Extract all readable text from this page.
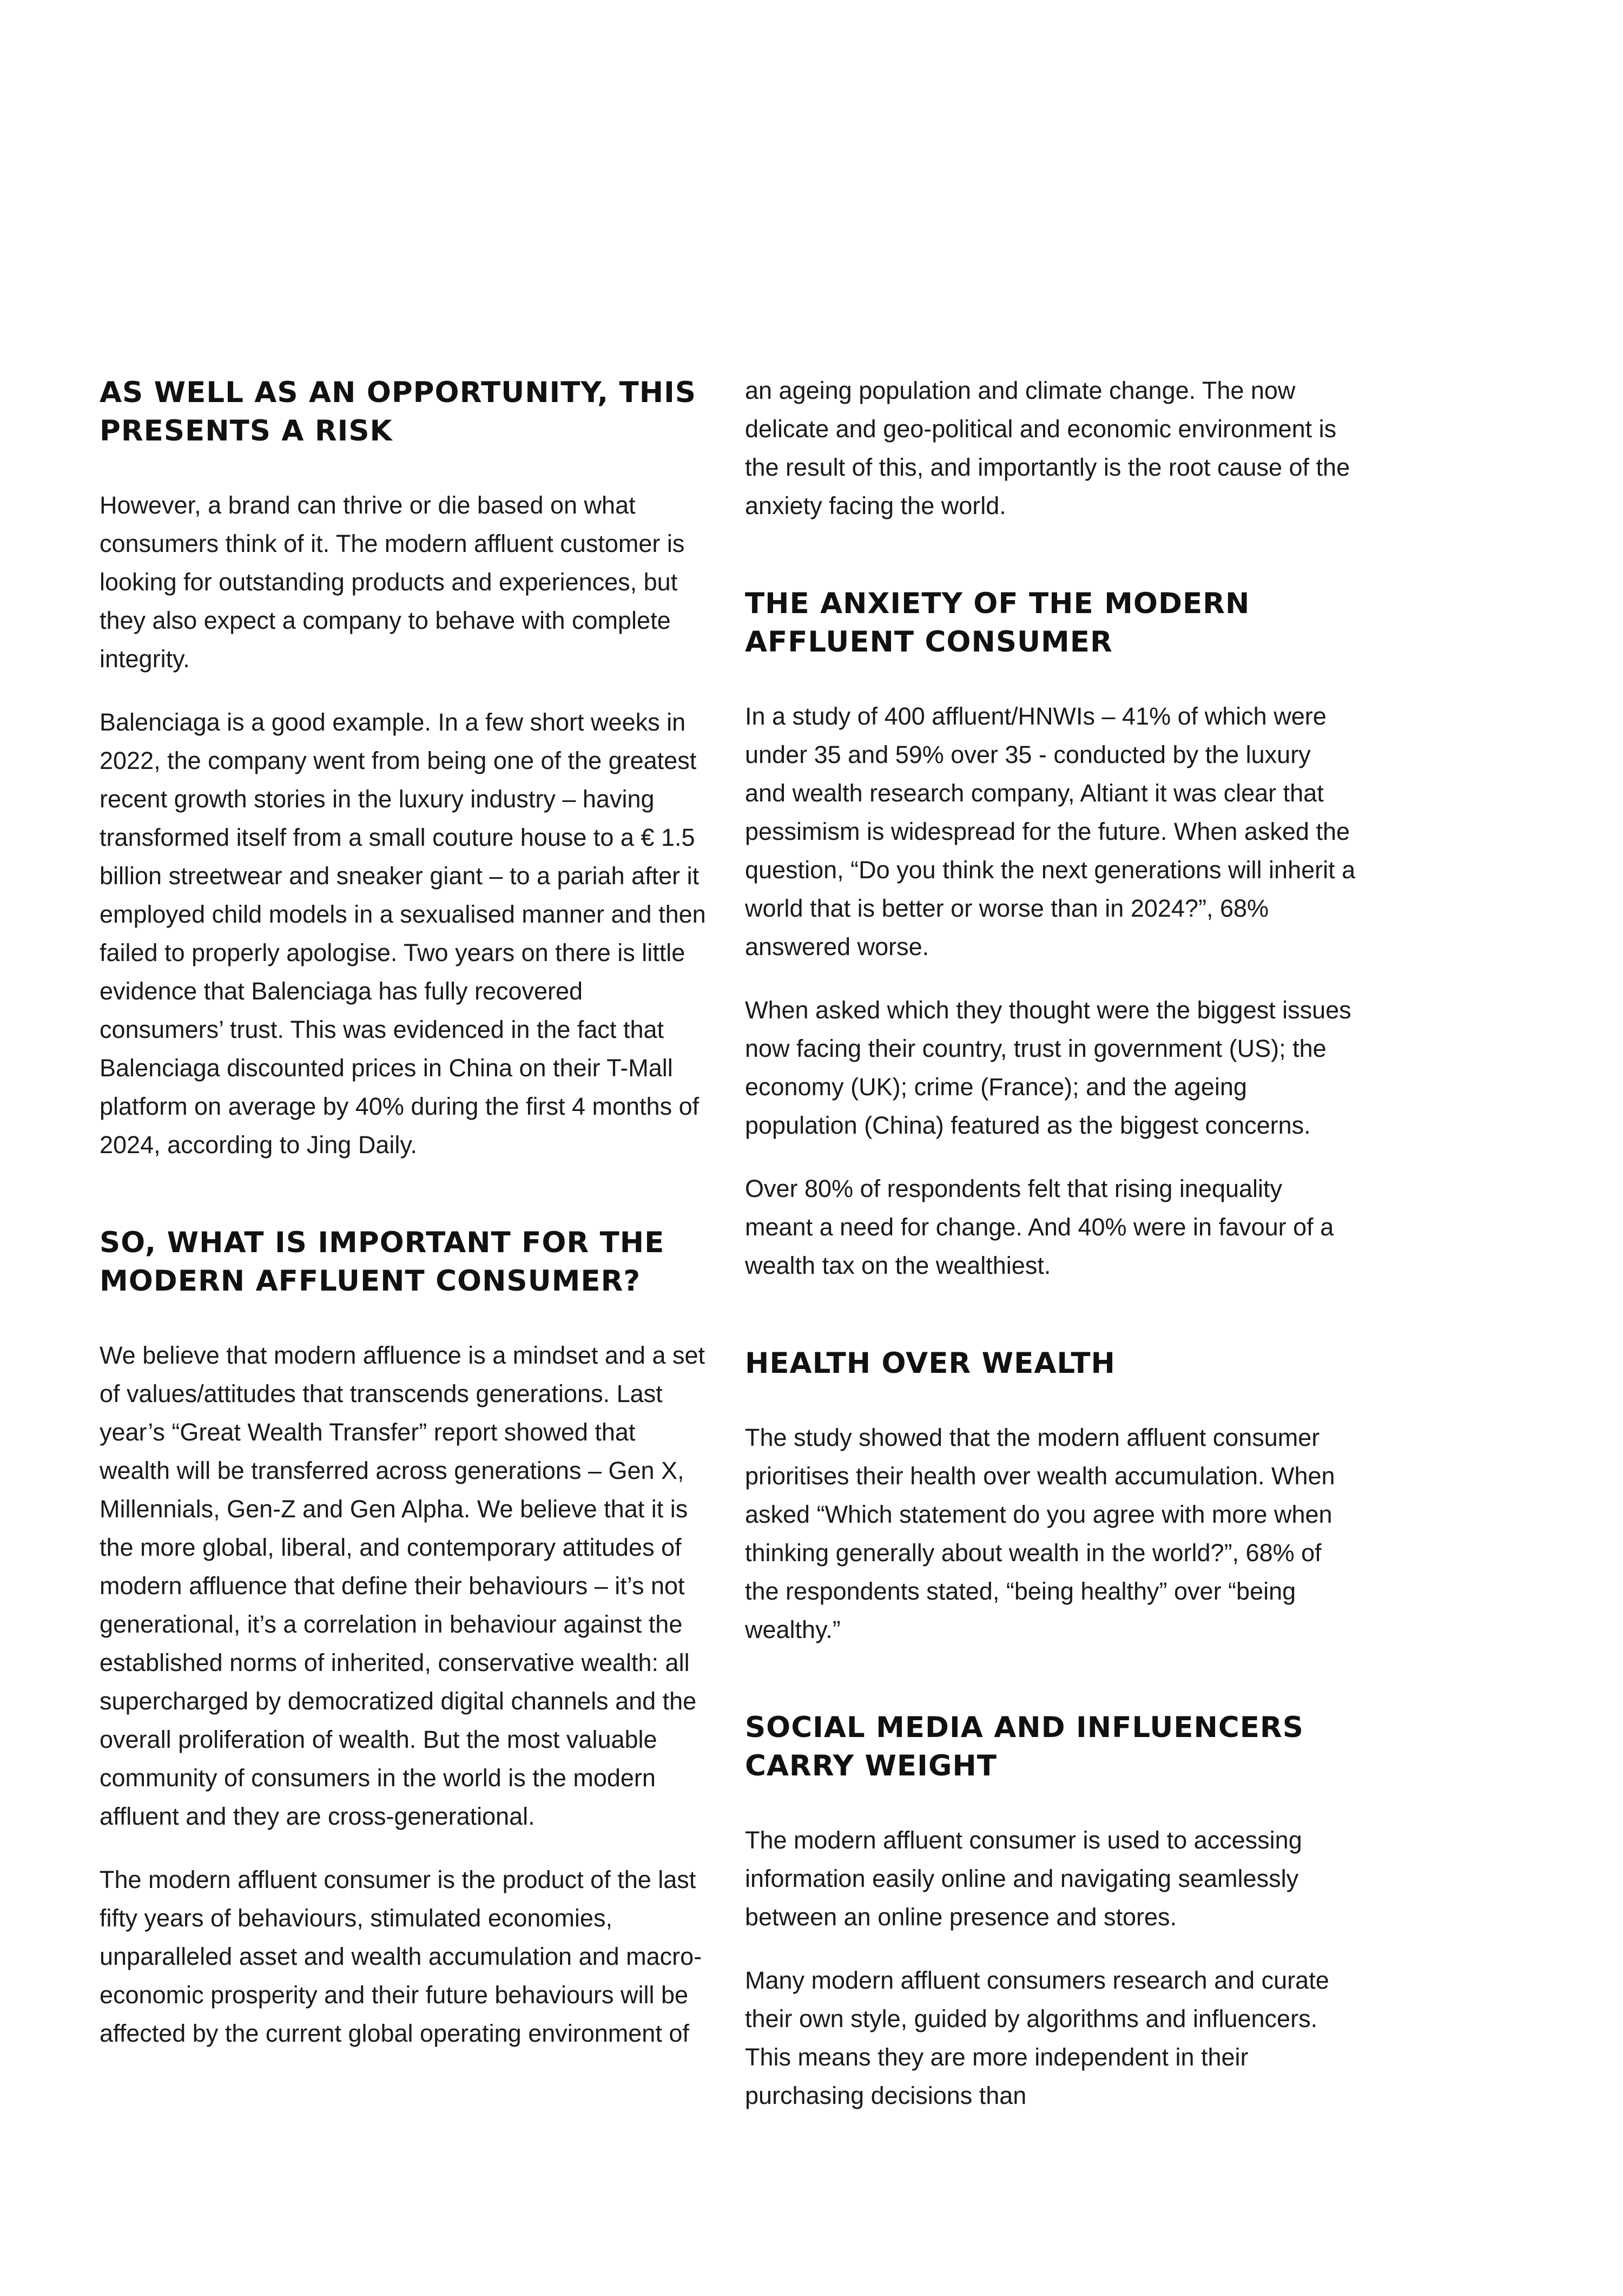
AS WELL AS AN OPPORTUNITY, THIS PRESENTS A RISK

However, a brand can thrive or die based on what consumers think of it. The modern affluent customer is looking for outstanding products and experiences, but they also expect a company to behave with complete integrity.

Balenciaga is a good example. In a few short weeks in 2022, the company went from being one of the greatest recent growth stories in the luxury industry – having transformed itself from a small couture house to a € 1.5 billion streetwear and sneaker giant – to a pariah after it employed child models in a sexualised manner and then failed to properly apologise. Two years on there is little evidence that Balenciaga has fully recovered consumers’ trust. This was evidenced in the fact that Balenciaga discounted prices in China on their T-Mall platform on average by 40% during the first 4 months of 2024, according to Jing Daily.

SO, WHAT IS IMPORTANT FOR THE MODERN AFFLUENT CONSUMER?

We believe that modern affluence is a mindset and a set of values/attitudes that transcends generations. Last year’s “Great Wealth Transfer” report showed that wealth will be transferred across generations – Gen X, Millennials, Gen-Z and Gen Alpha. We believe that it is the more global, liberal, and contemporary attitudes of modern affluence that define their behaviours – it’s not generational, it’s a correlation in behaviour against the established norms of inherited, conservative wealth: all supercharged by democratized digital channels and the overall proliferation of wealth. But the most valuable community of consumers in the world is the modern affluent and they are cross-generational.

The modern affluent consumer is the product of the last fifty years of behaviours, stimulated economies, unparalleled asset and wealth accumulation and macro-economic prosperity and their future behaviours will be affected by the current global operating environment of

an ageing population and climate change. The now delicate and geo-political and economic environment is the result of this, and importantly is the root cause of the anxiety facing the world.

THE ANXIETY OF THE MODERN AFFLUENT CONSUMER

In a study of 400 affluent/HNWIs – 41% of which were under 35 and 59% over 35 - conducted by the luxury and wealth research company, Altiant it was clear that pessimism is widespread for the future. When asked the question, “Do you think the next generations will inherit a world that is better or worse than in 2024?”, 68% answered worse.

When asked which they thought were the biggest issues now facing their country, trust in government (US); the economy (UK); crime (France); and the ageing population (China) featured as the biggest concerns.

Over 80% of respondents felt that rising inequality meant a need for change. And 40% were in favour of a wealth tax on the wealthiest.

HEALTH OVER WEALTH

The study showed that the modern affluent consumer prioritises their health over wealth accumulation. When asked “Which statement do you agree with more when thinking generally about wealth in the world?”, 68% of the respondents stated, “being healthy” over “being wealthy.”

SOCIAL MEDIA AND INFLUENCERS CARRY WEIGHT

The modern affluent consumer is used to accessing information easily online and navigating seamlessly between an online presence and stores.

Many modern affluent consumers research and curate their own style, guided by algorithms and influencers. This means they are more independent in their purchasing decisions than
